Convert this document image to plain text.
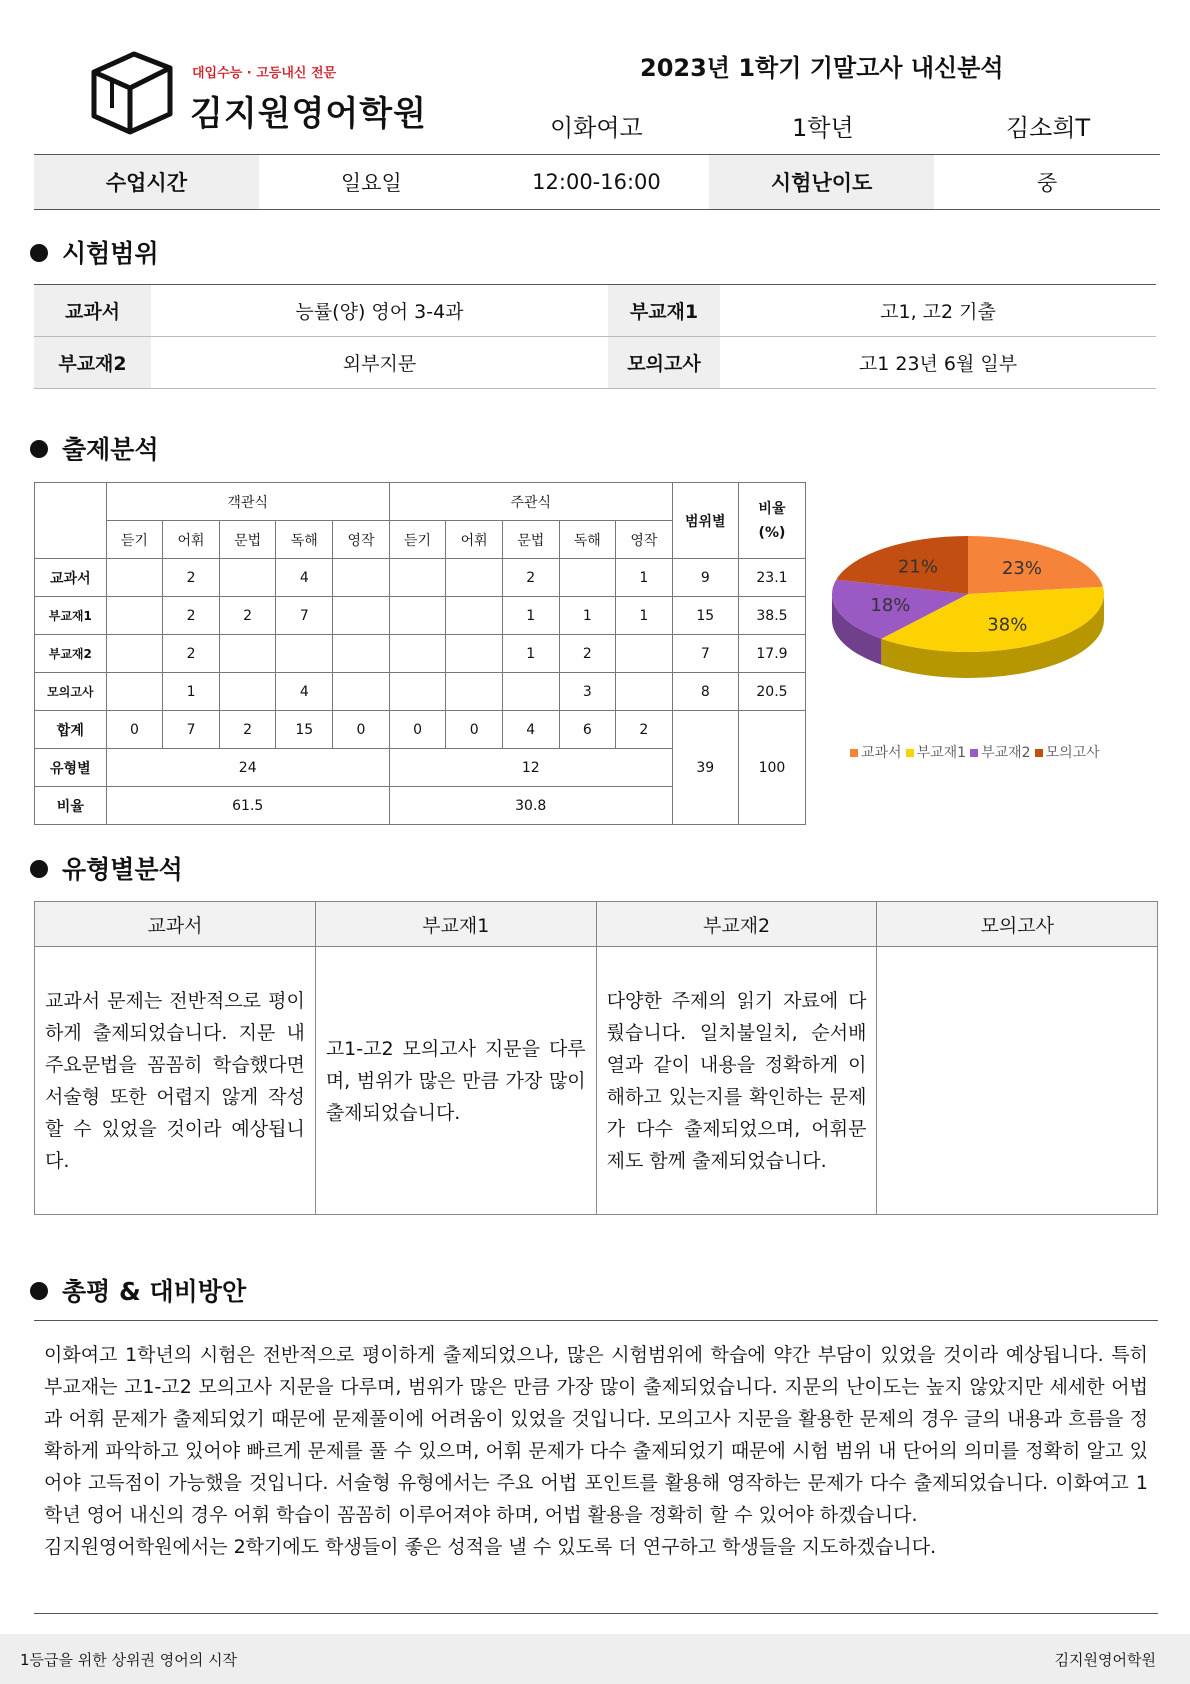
대입수능 · 고등내신 전문
김지원영어학원
2023년 1학기 기말고사 내신분석
이화여고	1학년	김소희T
수업시간	일요일	12:00-16:00	시험난이도	중
시험범위
교과서	능률(양) 영어 3-4과	부교재1	고1, 고2 기출
부교재2	외부지문	모의고사	고1 23년 6월 일부
출제분석
	객관식					주관식					범위별	비율
(%)
	듣기	어휘	문법	독해	영작	듣기	어휘	문법	독해	영작		
교과서		2		4				2		1	9	23.1
부교재1		2	2	7				1	1	1	15	38.5
부교재2		2						1	2		7	17.9
모의고사		1		4					3		8	20.5
합계	0	7	2	15	0	0	0	4	6	2	39	100
유형별	24					12						
비율	61.5					30.8						
23%
38%
18%
21%
교과서 부교재1 부교재2 모의고사
유형별분석
교과서	부교재1	부교재2	모의고사
교과서 문제는 전반적으로 평이하게 출제되었습니다. 지문 내 주요문법을 꼼꼼히 학습했다면 서술형 또한 어렵지 않게 작성할 수 있었을 것이라 예상됩니다.	고1-고2 모의고사 지문을 다루며, 범위가 많은 만큼 가장 많이 출제되었습니다.	다양한 주제의 읽기 자료에 다뤘습니다. 일치불일치, 순서배열과 같이 내용을 정확하게 이해하고 있는지를 확인하는 문제가 다수 출제되었으며, 어휘문제도 함께 출제되었습니다.	
총평 & 대비방안
이화여고 1학년의 시험은 전반적으로 평이하게 출제되었으나, 많은 시험범위에 학습에 약간 부담이 있었을 것이라 예상됩니다. 특히 부교재는 고1-고2 모의고사 지문을 다루며, 범위가 많은 만큼 가장 많이 출제되었습니다. 지문의 난이도는 높지 않았지만 세세한 어법과 어휘 문제가 출제되었기 때문에 문제풀이에 어려움이 있었을 것입니다. 모의고사 지문을 활용한 문제의 경우 글의 내용과 흐름을 정확하게 파악하고 있어야 빠르게 문제를 풀 수 있으며, 어휘 문제가 다수 출제되었기 때문에 시험 범위 내 단어의 의미를 정확히 알고 있어야 고득점이 가능했을 것입니다. 서술형 유형에서는 주요 어법 포인트를 활용해 영작하는 문제가 다수 출제되었습니다. 이화여고 1학년 영어 내신의 경우 어휘 학습이 꼼꼼히 이루어져야 하며, 어법 활용을 정확히 할 수 있어야 하겠습니다.
김지원영어학원에서는 2학기에도 학생들이 좋은 성적을 낼 수 있도록 더 연구하고 학생들을 지도하겠습니다.
1등급을 위한 상위권 영어의 시작	김지원영어학원
